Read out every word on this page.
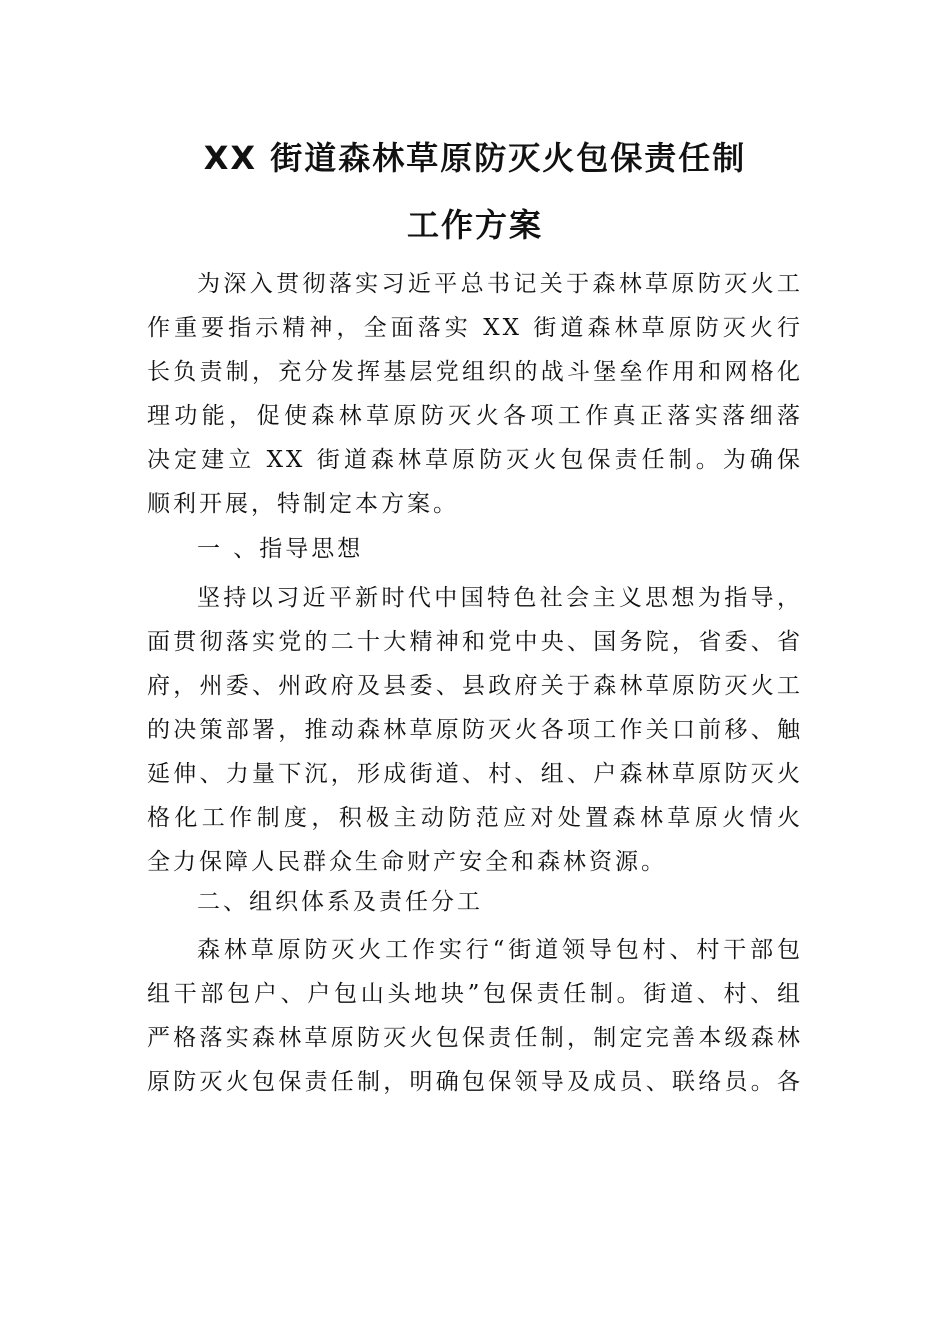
XX 街道森林草原防灭火包保责任制
工作方案
为深入贯彻落实习近平总书记关于森林草原防灭火工
作重要指示精神，全面落实 XX 街道森林草原防灭火行
长负责制，充分发挥基层党组织的战斗堡垒作用和网格化
理功能，促使森林草原防灭火各项工作真正落实落细落
决定建立 XX 街道森林草原防灭火包保责任制。为确保
顺利开展，特制定本方案。
一 、指导思想
坚持以习近平新时代中国特色社会主义思想为指导，
面贯彻落实党的二十大精神和党中央、国务院，省委、省
府，州委、州政府及县委、县政府关于森林草原防灭火工
的决策部署，推动森林草原防灭火各项工作关口前移、触
延伸、力量下沉，形成街道、村、组、户森林草原防灭火
格化工作制度，积极主动防范应对处置森林草原火情火
全力保障人民群众生命财产安全和森林资源。
二、组织体系及责任分工
森林草原防灭火工作实行“街道领导包村、村干部包
组干部包户、户包山头地块”包保责任制。街道、村、组
严格落实森林草原防灭火包保责任制，制定完善本级森林
原防灭火包保责任制，明确包保领导及成员、联络员。各
